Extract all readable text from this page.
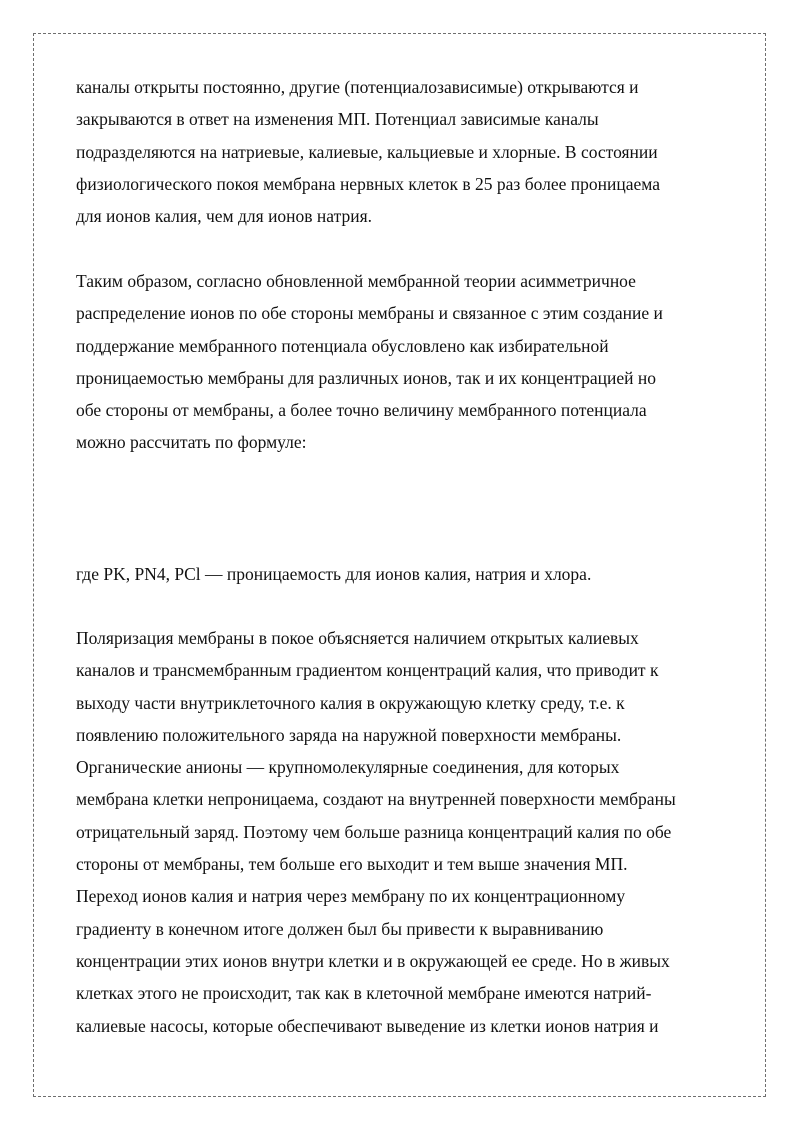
каналы открыты постоянно, другие (потенциалозависимые) открываются и
закрываются в ответ на изменения МП. Потенциал зависимые каналы
подразделяются на натриевые, калиевые, кальциевые и хлорные. В состоянии
физиологического покоя мембрана нервных клеток в 25 раз более проницаема
для ионов калия, чем для ионов натрия.

Таким образом, согласно обновленной мембранной теории асимметричное
распределение ионов по обе стороны мембраны и связанное с этим создание и
поддержание мембранного потенциала обусловлено как избирательной
проницаемостью мембраны для различных ионов, так и их концентрацией но
обе стороны от мембраны, а более точно величину мембранного потенциала
можно рассчитать по формуле:

где PK, PN4, PCl — проницаемость для ионов калия, натрия и хлора.

Поляризация мембраны в покое объясняется наличием открытых калиевых
каналов и трансмембранным градиентом концентраций калия, что приводит к
выходу части внутриклеточного калия в окружающую клетку среду, т.е. к
появлению положительного заряда на наружной поверхности мембраны.
Органические анионы — крупномолекулярные соединения, для которых
мембрана клетки непроницаема, создают на внутренней поверхности мембраны
отрицательный заряд. Поэтому чем больше разница концентраций калия по обе
стороны от мембраны, тем больше его выходит и тем выше значения МП.
Переход ионов калия и натрия через мембрану по их концентрационному
градиенту в конечном итоге должен был бы привести к выравниванию
концентрации этих ионов внутри клетки и в окружающей ее среде. Но в живых
клетках этого не происходит, так как в клеточной мембране имеются натрий-
калиевые насосы, которые обеспечивают выведение из клетки ионов натрия и
